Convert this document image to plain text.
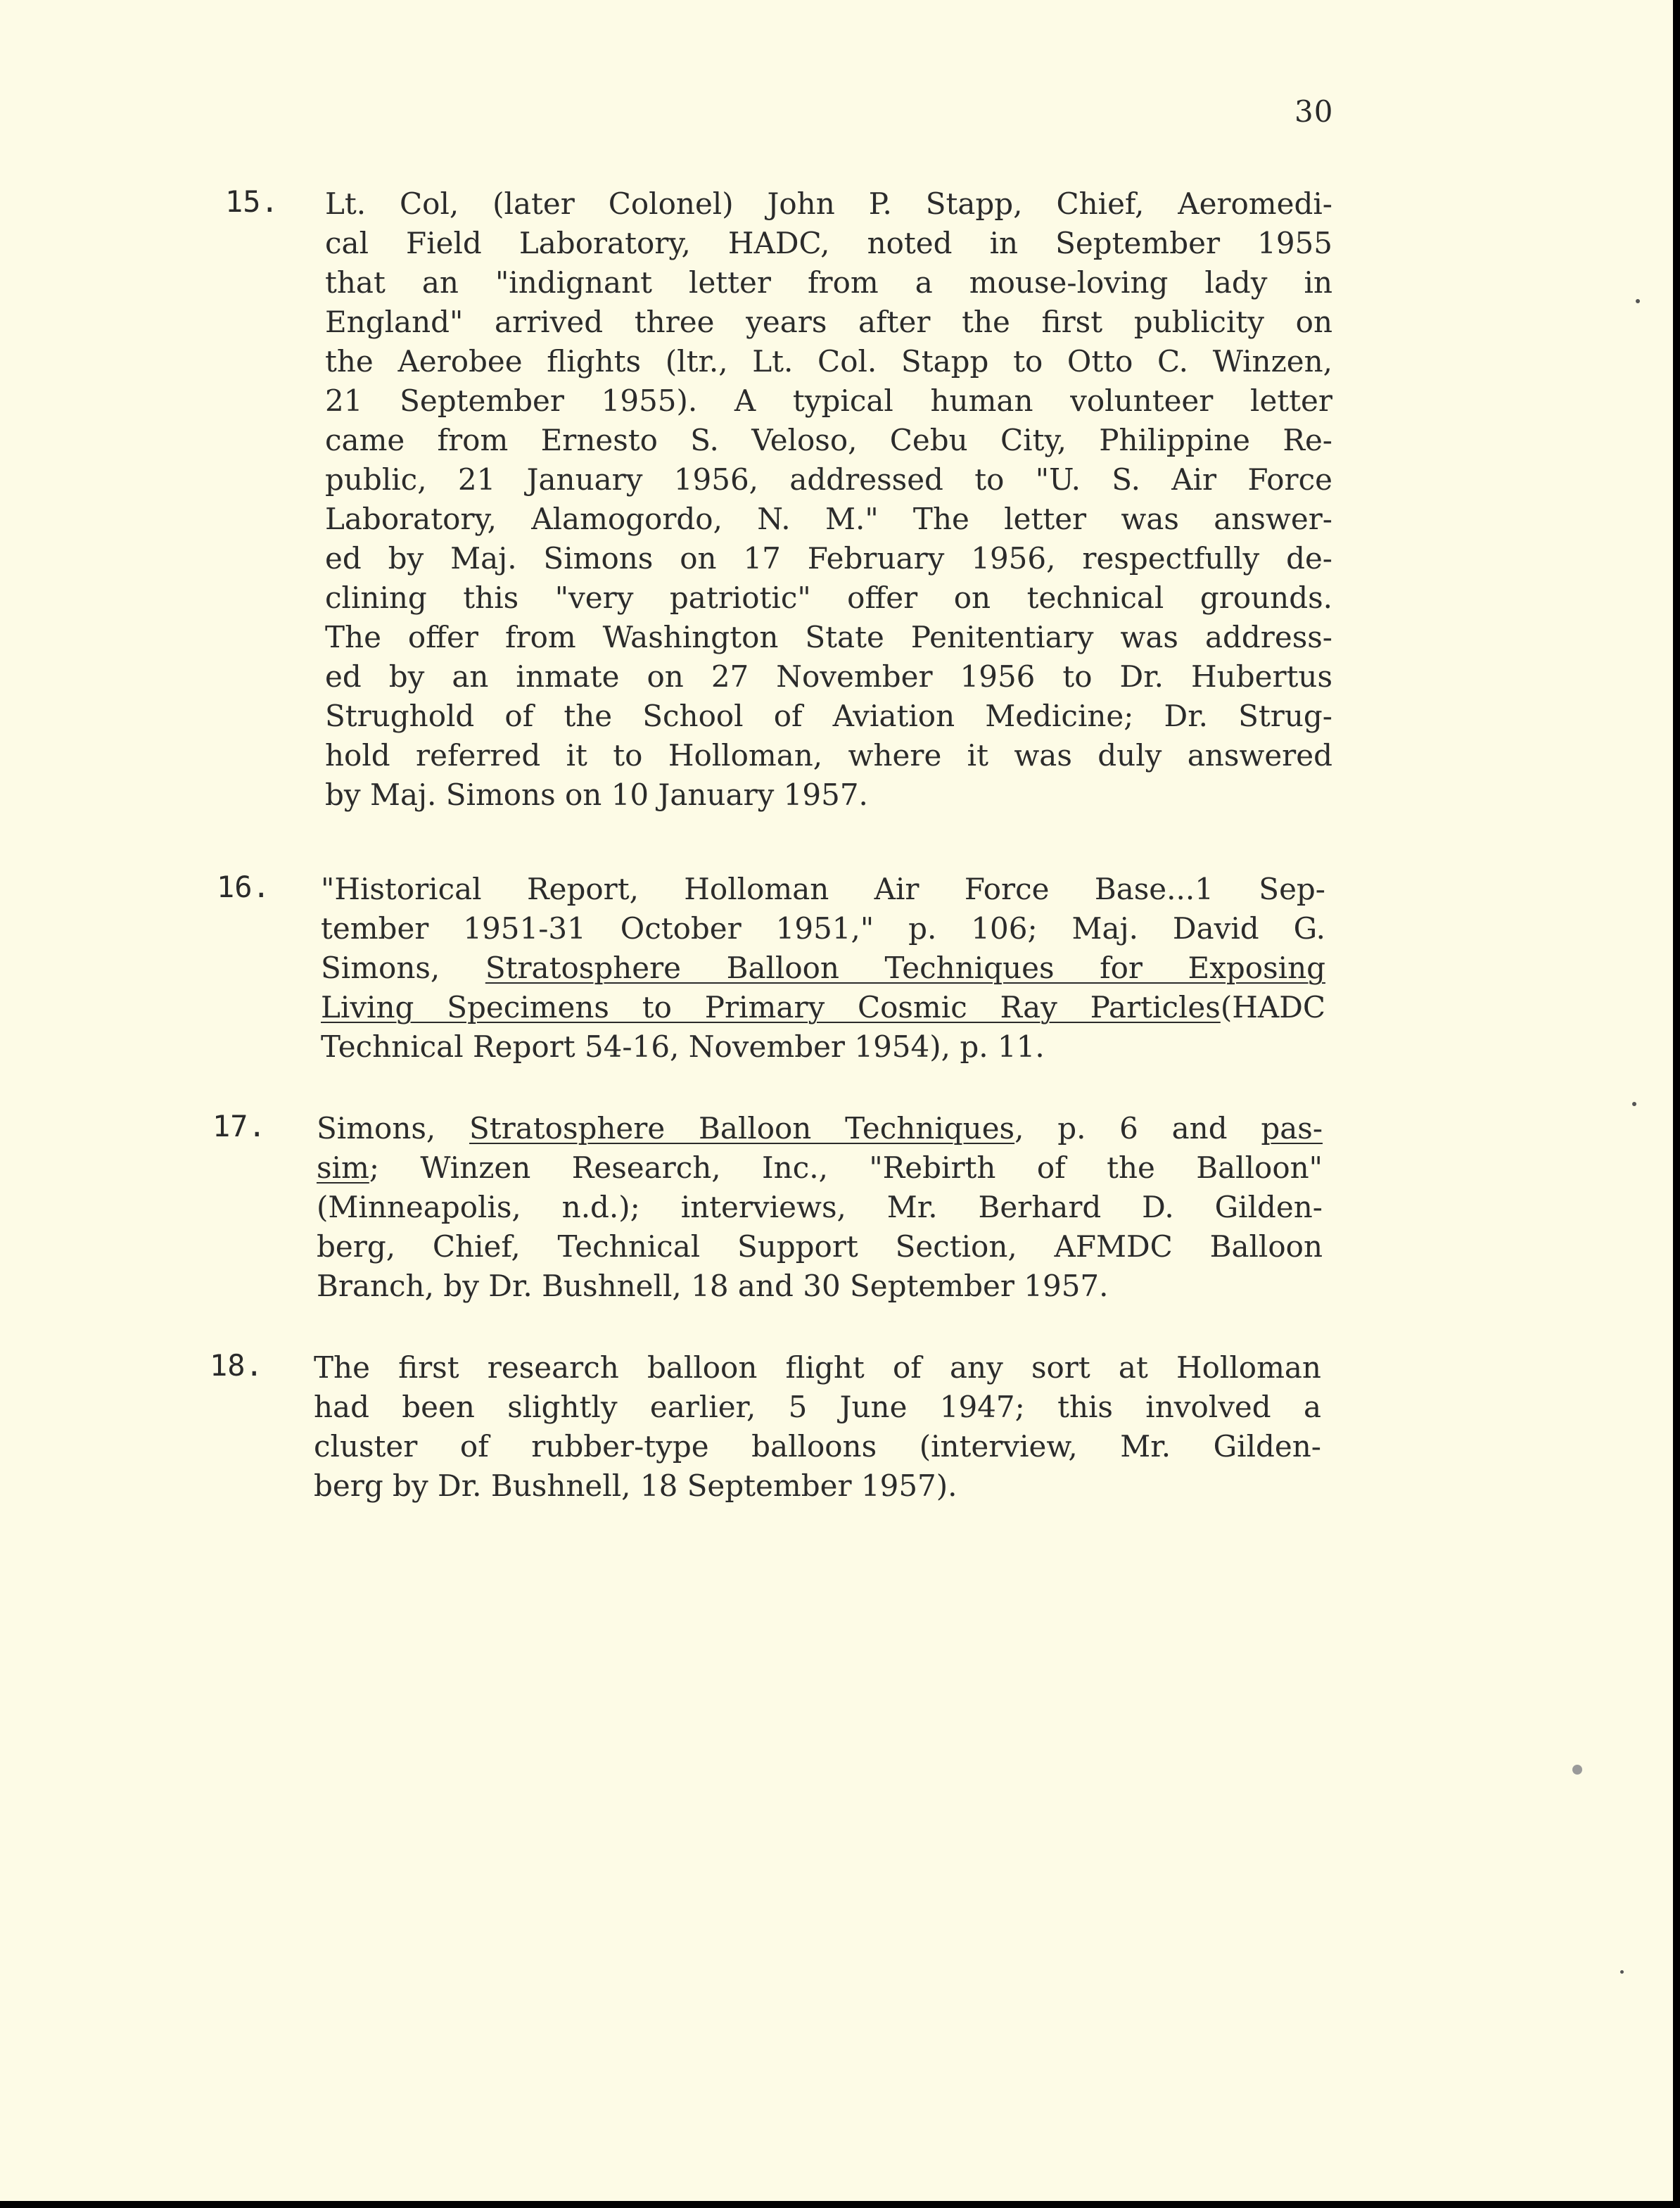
30
15. Lt. Col, (later Colonel) John P. Stapp, Chief, Aeromedi-
cal Field Laboratory, HADC, noted in September 1955
that an "indignant letter from a mouse-loving lady in
England" arrived three years after the first publicity on
the Aerobee flights (ltr., Lt. Col. Stapp to Otto C. Winzen,
21 September 1955). A typical human volunteer letter
came from Ernesto S. Veloso, Cebu City, Philippine Re-
public, 21 January 1956, addressed to "U. S. Air Force
Laboratory, Alamogordo, N. M." The letter was answer-
ed by Maj. Simons on 17 February 1956, respectfully de-
clining this "very patriotic" offer on technical grounds.
The offer from Washington State Penitentiary was address-
ed by an inmate on 27 November 1956 to Dr. Hubertus
Strughold of the School of Aviation Medicine; Dr. Strug-
hold referred it to Holloman, where it was duly answered
by Maj. Simons on 10 January 1957.
16. "Historical Report, Holloman Air Force Base...1 Sep-
tember 1951-31 October 1951," p. 106; Maj. David G.
Simons, Stratosphere Balloon Techniques for Exposing
Living Specimens to Primary Cosmic Ray Particles(HADC
Technical Report 54-16, November 1954), p. 11.
17. Simons, Stratosphere Balloon Techniques, p. 6 and pas-
sim; Winzen Research, Inc., "Rebirth of the Balloon"
(Minneapolis, n.d.); interviews, Mr. Berhard D. Gilden-
berg, Chief, Technical Support Section, AFMDC Balloon
Branch, by Dr. Bushnell, 18 and 30 September 1957.
18. The first research balloon flight of any sort at Holloman
had been slightly earlier, 5 June 1947; this involved a
cluster of rubber-type balloons (interview, Mr. Gilden-
berg by Dr. Bushnell, 18 September 1957).
